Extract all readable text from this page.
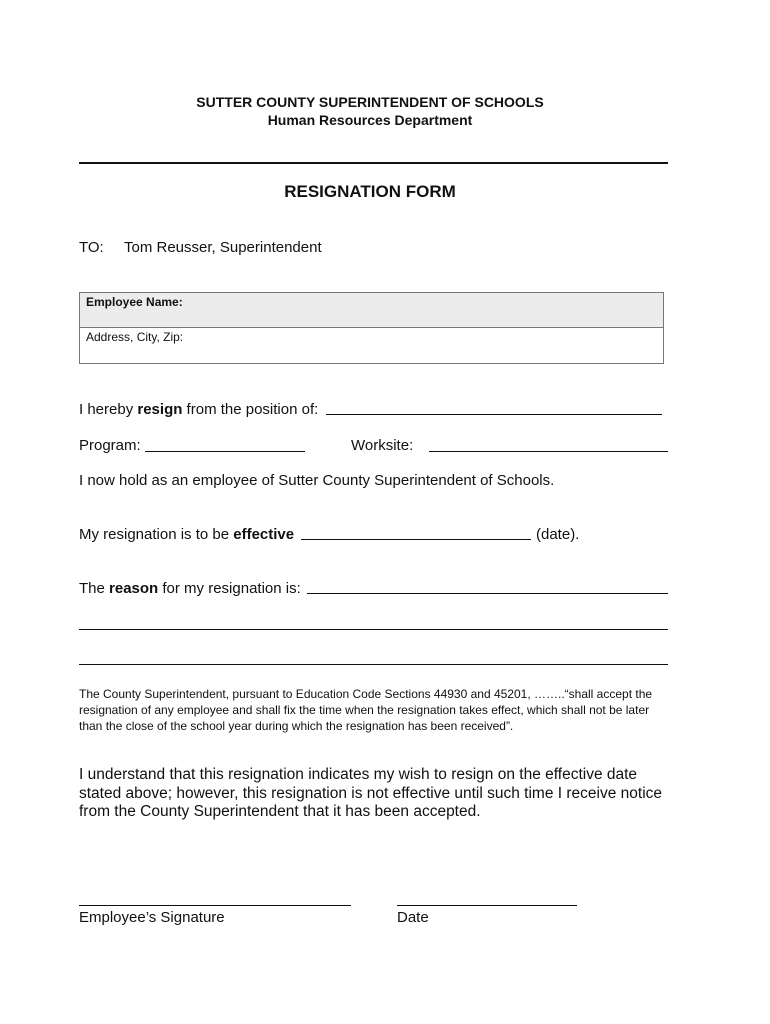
SUTTER COUNTY SUPERINTENDENT OF SCHOOLS
Human Resources Department
RESIGNATION FORM
TO: Tom Reusser, Superintendent
Employee Name:
Address, City, Zip:
I hereby resign from the position of:
Program:	Worksite:
I now hold as an employee of Sutter County Superintendent of Schools.
My resignation is to be effective	(date).
The reason for my resignation is:
The County Superintendent, pursuant to Education Code Sections 44930 and 45201, ……..“shall accept the resignation of any employee and shall fix the time when the resignation takes effect, which shall not be later than the close of the school year during which the resignation has been received”.
I understand that this resignation indicates my wish to resign on the effective date stated above; however, this resignation is not effective until such time I receive notice from the County Superintendent that it has been accepted.
Employee’s Signature	Date
